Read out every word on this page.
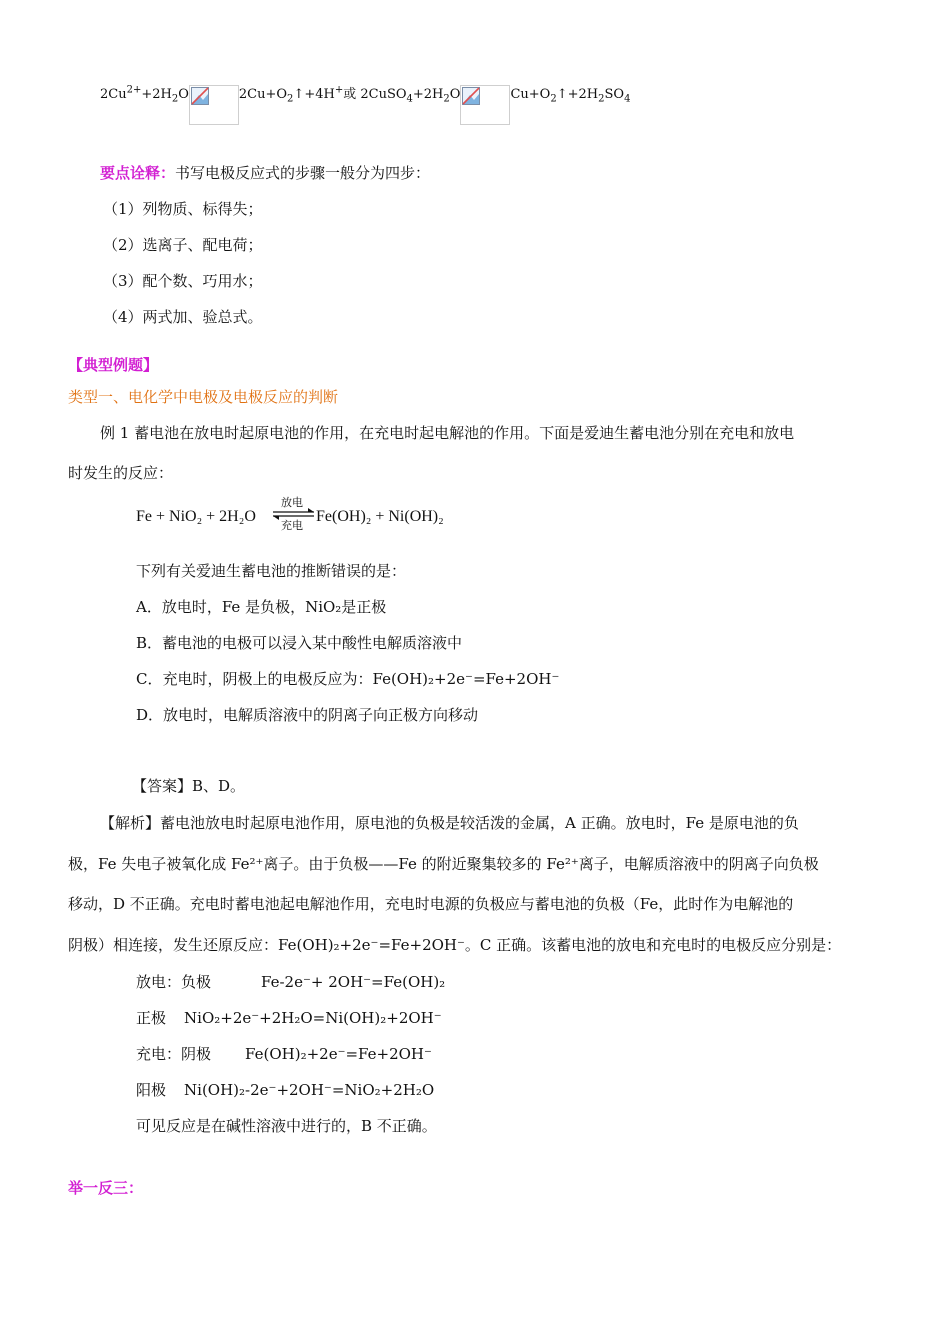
$2Cu^{2+}+2H_2O$	$2Cu+O_2↑+4H^+$或 $2CuSO_4+2H_2O$	$Cu+O_2↑+2H_2SO_4$
要点诠释：书写电极反应式的步骤一般分为四步：
（1）列物质、标得失；
（2）选离子、配电荷；
（3）配个数、巧用水；
（4）两式加、验总式。
【典型例题】
类型一、电化学中电极及电极反应的判断
例 1 蓄电池在放电时起原电池的作用，在充电时起电解池的作用。下面是爱迪生蓄电池分别在充电和放电
时发生的反应：
Fe + NiO₂ + 2H₂O
放电
充电
Fe(OH)₂ + Ni(OH)₂
下列有关爱迪生蓄电池的推断错误的是：
A．放电时，Fe 是负极，NiO₂是正极
B．蓄电池的电极可以浸入某中酸性电解质溶液中
C．充电时，阴极上的电极反应为：Fe(OH)₂+2e⁻=Fe+2OH⁻
D．放电时，电解质溶液中的阴离子向正极方向移动
【答案】B、D。
【解析】蓄电池放电时起原电池作用，原电池的负极是较活泼的金属，A 正确。放电时，Fe 是原电池的负
极，Fe 失电子被氧化成 Fe²⁺离子。由于负极——Fe 的附近聚集较多的 Fe²⁺离子，电解质溶液中的阴离子向负极
移动，D 不正确。充电时蓄电池起电解池作用，充电时电源的负极应与蓄电池的负极（Fe，此时作为电解池的
阴极）相连接，发生还原反应：Fe(OH)₂+2e⁻=Fe+2OH⁻。C 正确。该蓄电池的放电和充电时的电极反应分别是：
放电：负极	Fe-2e⁻+ 2OH⁻=Fe(OH)₂
正极 NiO₂+2e⁻+2H₂O=Ni(OH)₂+2OH⁻
充电：阴极 Fe(OH)₂+2e⁻=Fe+2OH⁻
阳极 Ni(OH)₂-2e⁻+2OH⁻=NiO₂+2H₂O
可见反应是在碱性溶液中进行的，B 不正确。
举一反三：
